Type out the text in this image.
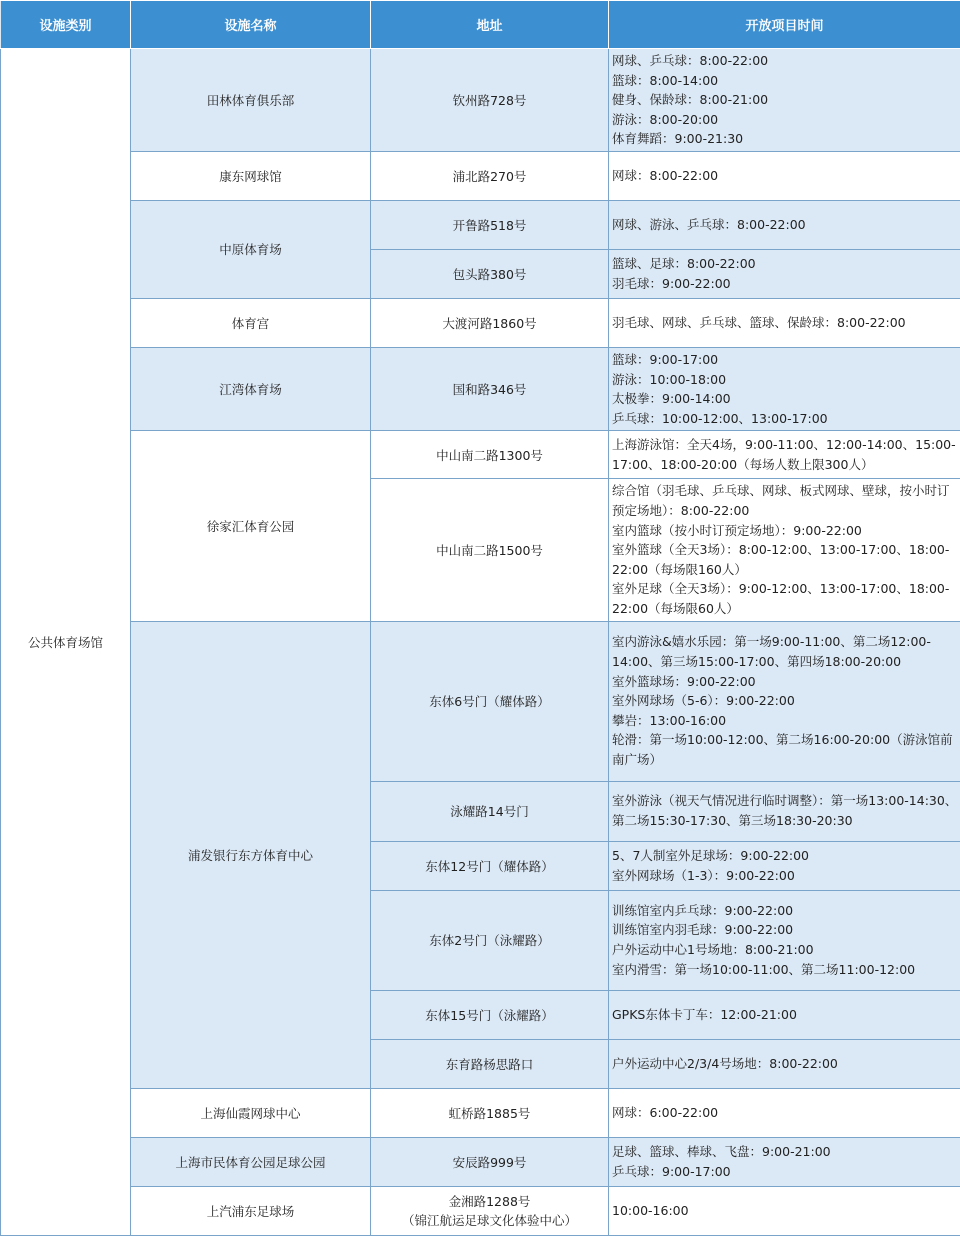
设施类别	设施名称	地址	开放项目时间
公共体育场馆	田林体育俱乐部	钦州路728号	网球、乒乓球：8:00-22:00
篮球：8:00-14:00
健身、保龄球：8:00-21:00
游泳：8:00-20:00
体育舞蹈：9:00-21:30

	康东网球馆	浦北路270号	网球：8:00-22:00

	中原体育场	开鲁路518号	网球、游泳、乒乓球：8:00-22:00

		包头路380号	篮球、足球：8:00-22:00
羽毛球：9:00-22:00

	体育宫	大渡河路1860号	羽毛球、网球、乒乓球、篮球、保龄球：8:00-22:00

	江湾体育场	国和路346号	篮球：9:00-17:00
游泳：10:00-18:00
太极拳：9:00-14:00
乒乓球：10:00-12:00、13:00-17:00

	徐家汇体育公园	中山南二路1300号	上海游泳馆：全天4场，9:00-11:00、12:00-14:00、15:00-17:00、18:00-20:00（每场人数上限300人）

		中山南二路1500号	综合馆（羽毛球、乒乓球、网球、板式网球、壁球，按小时订预定场地）：8:00-22:00
室内篮球（按小时订预定场地）：9:00-22:00
室外篮球（全天3场）：8:00-12:00、13:00-17:00、18:00-22:00（每场限160人）
室外足球（全天3场）：9:00-12:00、13:00-17:00、18:00-22:00（每场限60人）

	浦发银行东方体育中心	东体6号门（耀体路）	室内游泳&嬉水乐园：第一场9:00-11:00、第二场12:00-14:00、第三场15:00-17:00、第四场18:00-20:00
室外篮球场：9:00-22:00
室外网球场（5-6）：9:00-22:00
攀岩：13:00-16:00
轮滑：第一场10:00-12:00、第二场16:00-20:00（游泳馆前南广场）

		泳耀路14号门	室外游泳（视天气情况进行临时调整）：第一场13:00-14:30、第二场15:30-17:30、第三场18:30-20:30

		东体12号门（耀体路）	5、7人制室外足球场：9:00-22:00
室外网球场（1-3）：9:00-22:00

		东体2号门（泳耀路）	训练馆室内乒乓球：9:00-22:00
训练馆室内羽毛球：9:00-22:00
户外运动中心1号场地：8:00-21:00
室内滑雪：第一场10:00-11:00、第二场11:00-12:00

		东体15号门（泳耀路）	GPKS东体卡丁车：12:00-21:00

		东育路杨思路口	户外运动中心2/3/4号场地：8:00-22:00

	上海仙霞网球中心	虹桥路1885号	网球：6:00-22:00

	上海市民体育公园足球公园	安辰路999号	足球、篮球、棒球、飞盘：9:00-21:00
乒乓球：9:00-17:00

	上汽浦东足球场	金湘路1288号
（锦江航运足球文化体验中心）	10:00-16:00
